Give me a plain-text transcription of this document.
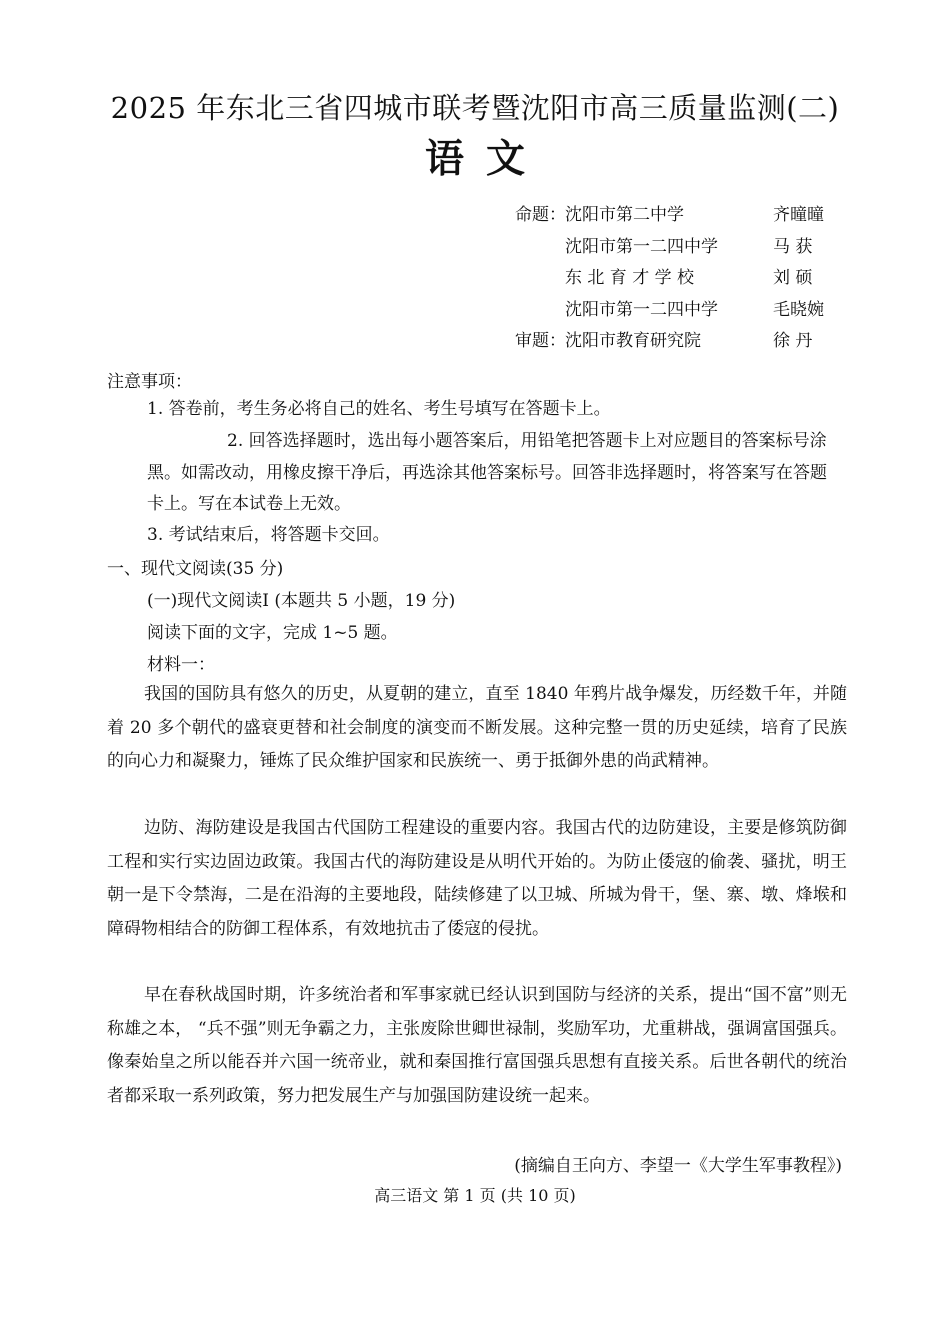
2025 年东北三省四城市联考暨沈阳市高三质量监测(二)
语文
命题： 沈阳市第二中学	齐曈曈
沈阳市第一二四中学	马 获
东 北 育 才 学 校	刘 硕
沈阳市第一二四中学	毛晓婉
审题： 沈阳市教育研究院	徐 丹
注意事项：
1. 答卷前，考生务必将自己的姓名、考生号填写在答题卡上。
2. 回答选择题时，选出每小题答案后，用铅笔把答题卡上对应题目的答案标号涂黑。如需改动，用橡皮擦干净后，再选涂其他答案标号。回答非选择题时，将答案写在答题卡上。写在本试卷上无效。
3. 考试结束后，将答题卡交回。
一、现代文阅读(35 分)
(一)现代文阅读Ⅰ (本题共 5 小题，19 分)
阅读下面的文字，完成 1~5 题。
材料一：
我国的国防具有悠久的历史，从夏朝的建立，直至 1840 年鸦片战争爆发，历经数千年，并随着 20 多个朝代的盛衰更替和社会制度的演变而不断发展。这种完整一贯的历史延续，培育了民族的向心力和凝聚力，锤炼了民众维护国家和民族统一、勇于抵御外患的尚武精神。
边防、海防建设是我国古代国防工程建设的重要内容。我国古代的边防建设，主要是修筑防御工程和实行实边固边政策。我国古代的海防建设是从明代开始的。为防止倭寇的偷袭、骚扰，明王朝一是下令禁海，二是在沿海的主要地段，陆续修建了以卫城、所城为骨干，堡、寨、墩、烽堠和障碍物相结合的防御工程体系，有效地抗击了倭寇的侵扰。
早在春秋战国时期，许多统治者和军事家就已经认识到国防与经济的关系，提出“国不富”则无称雄之本， “兵不强”则无争霸之力，主张废除世卿世禄制，奖励军功，尤重耕战，强调富国强兵。像秦始皇之所以能吞并六国一统帝业，就和秦国推行富国强兵思想有直接关系。后世各朝代的统治者都采取一系列政策，努力把发展生产与加强国防建设统一起来。
(摘编自王向方、李望一《大学生军事教程》)
高三语文 第 1 页 (共 10 页)
